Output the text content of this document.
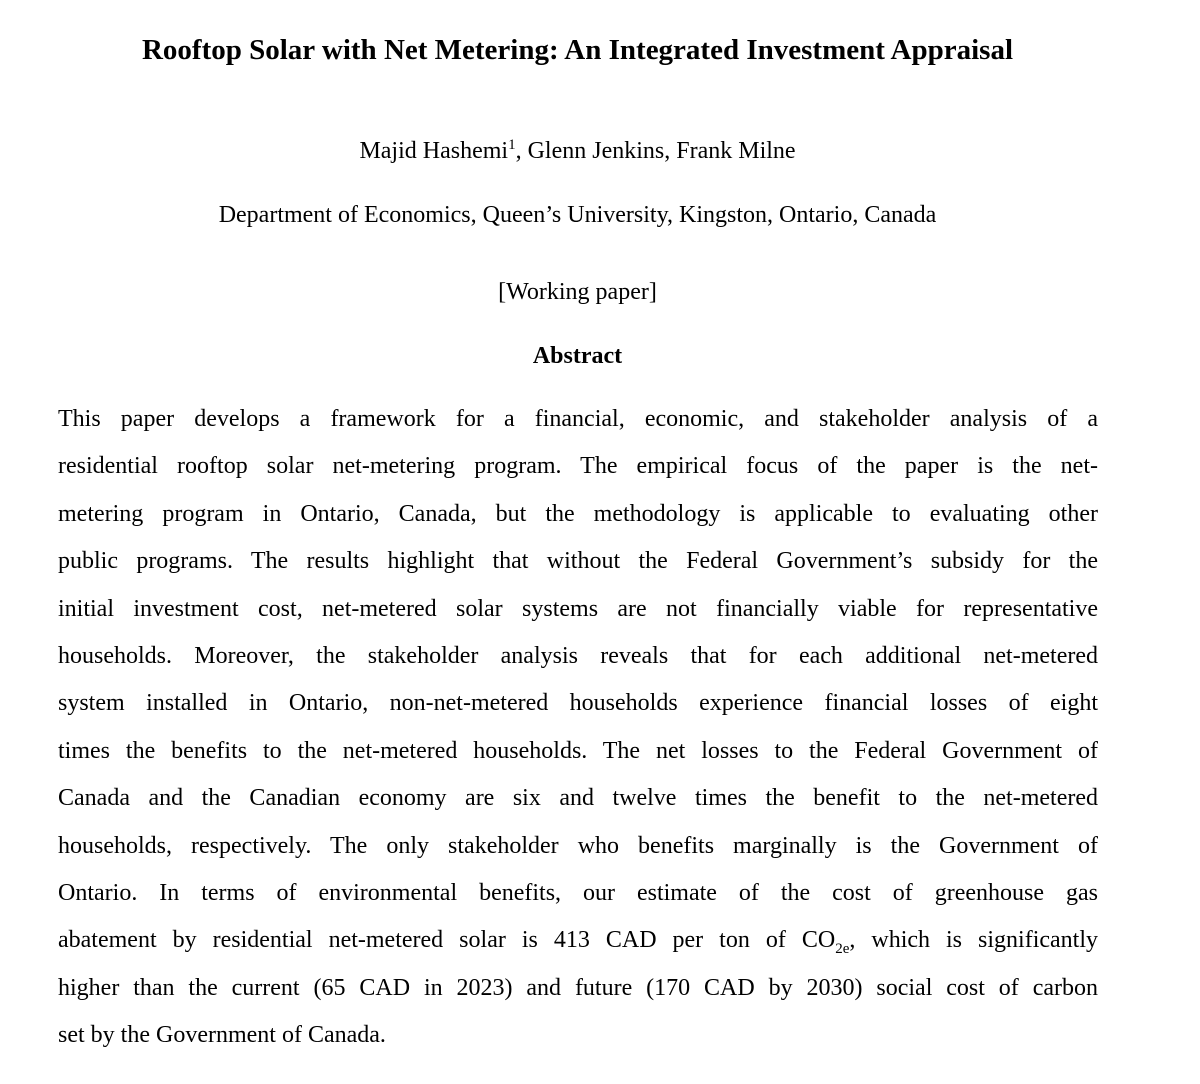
Rooftop Solar with Net Metering: An Integrated Investment Appraisal
Majid Hashemi$^1$, Glenn Jenkins, Frank Milne
Department of Economics, Queen’s University, Kingston, Ontario, Canada
[Working paper]
Abstract
This paper develops a framework for a financial, economic, and stakeholder analysis of a
residential rooftop solar net-metering program. The empirical focus of the paper is the net-
metering program in Ontario, Canada, but the methodology is applicable to evaluating other
public programs. The results highlight that without the Federal Government’s subsidy for the
initial investment cost, net-metered solar systems are not financially viable for representative
households. Moreover, the stakeholder analysis reveals that for each additional net-metered
system installed in Ontario, non-net-metered households experience financial losses of eight
times the benefits to the net-metered households. The net losses to the Federal Government of
Canada and the Canadian economy are six and twelve times the benefit to the net-metered
households, respectively. The only stakeholder who benefits marginally is the Government of
Ontario. In terms of environmental benefits, our estimate of the cost of greenhouse gas
abatement by residential net-metered solar is 413 CAD per ton of $CO_{2e}$, which is significantly
higher than the current (65 CAD in 2023) and future (170 CAD by 2030) social cost of carbon
set by the Government of Canada.
